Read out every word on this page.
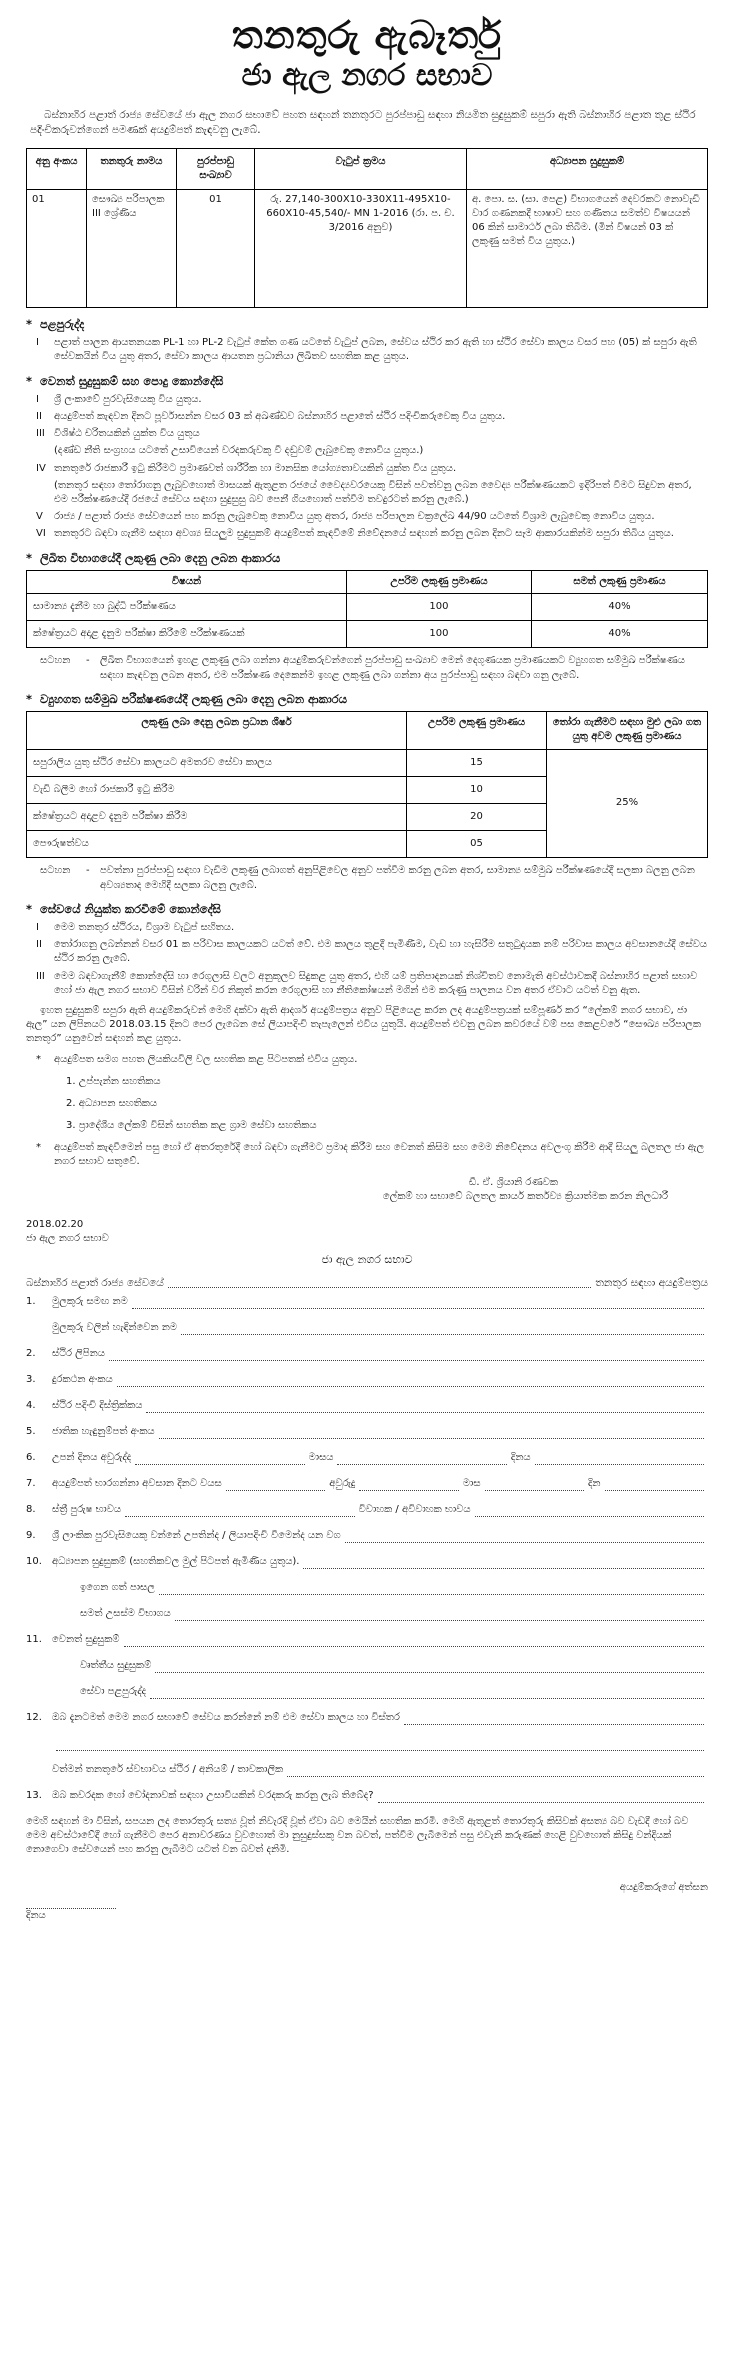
තනතුරු ඇබෑර්තු
ජා ඇල නගර සභාව

බස්නාහිර පළාත් රාජ්‍ය සේවයේ ජා ඇල නගර සභාවේ පහත සඳහන් තනතුරට පුරප්පාඩු සඳහා නියමිත සුදුසුකම් සපුරා ඇති බස්නාහිර පළාත තුළ ස්ථිර පදිංචිකරුවන්ගෙන් පමණක් අයදුම්පත් කැඳවනු ලැබේ.

අනු අංකය	තනතුරු නාමය	පුරප්පාඩු සංඛ්‍යාව	වැටුප් ක්‍රමය	අධ්‍යාපන සුදුසුකම්
01	සෞඛ්‍ය පරිපාලක III ශ්‍රේණිය	01	රු. 27,140-300X10-330X11-495X10-660X10-45,540/- MN 1-2016 (රා. ප. ච. 3/2016 අනුව)	අ. පො. ස. (සා. පෙළ) විභාගයෙන් දෙවරකට නොවැඩි වාර ගණනකදී භාෂාව සහ ගණිතය සමත්ව විෂයයන් 06 කින් සාමාර්ථ ලබා තිබීම. (මින් විෂයන් 03 ක් ලකුණු සමත් විය යුතුය.)
* පළපුරුද්ද
I	පළාත් පාලන ආයතනයක PL-1 හා PL-2 වැටුප් කේත ගණ යටතේ වැටුප් ලබන, සේවය ස්ථිර කර ඇති හා ස්ථිර සේවා කාලය වසර පහ (05) ක් සපුරා ඇති සේවකයින් විය යුතු අතර, සේවා කාලය ආයතන ප්‍රධානියා ලිඛිතව සහතික කළ යුතුය.
* වෙනත් සුදුසුකම් සහ පොදු කොන්දේසි
I	ශ්‍රී ලංකාවේ පුරවැසියෙකු විය යුතුය.
II	අයදුම්පත් කැඳවන දිනට පූර්වාසන්න වසර 03 ක් අඛණ්ඩව බස්නාහිර පළාතේ ස්ථිර පදිංචිකරුවෙකු විය යුතුය.
III විශිෂ්ඨ චරිතයකින් යුක්ත විය යුතුය
(දණ්ඩ නීති සංග්‍රහය යටතේ උසාවියෙන් වරදකරුවකු වී දඬුවම් ලැබුවෙකු නොවිය යුතුය.)
IV තනතුරේ රාජකාරී ඉටු කිරීමට ප්‍රමාණවත් ශාරීරික හා මානසික යෝග්‍යතාවයකින් යුක්ත විය යුතුය.
(තනතුර සඳහා තෝරාගනු ලැබුවහොත් මාසයක් ඇතුළත රජයේ වෛද්‍යවරයෙකු විසින් පවත්වනු ලබන වෛද්‍ය පරීක්ෂණයකට ඉදිරිපත් වීමට සිදුවන අතර, එම පරීක්ෂණයේදී රජයේ සේවය සඳහා සුදුසුසු බව පෙනී ගියහොත් පත්වීම තවදුරටත් කරනු ලැබේ.)
V	රාජ්‍ය / පළාත් රාජ්‍ය සේවයෙන් පහ කරනු ලැබුවෙකු නොවිය යුතු අතර, රාජ්‍ය පරිපාලන චක්‍රලේඛ 44/90 යටතේ විශ්‍රාම ලැබුවෙකු නොවිය යුතුය.
VI තනතුරට බඳවා ගැනීම සඳහා අවශ්‍ය සියලුම සුදුසුකම් අයදුම්පත් කැඳවීමේ නිවේදනයේ සඳහන් කරනු ලබන දිනට සෑම ආකාරයකින්ම සපුරා තිබිය යුතුය.
* ලිඛිත විභාගයේදී ලකුණු ලබා දෙනු ලබන ආකාරය
විෂයන්	උපරිම ලකුණු ප්‍රමාණය	සමත් ලකුණු ප්‍රමාණය
සාමාන්‍ය දැනීම හා බුද්ධි පරීක්ෂණය	100	40%
ක්ෂේත්‍රයට අදාළ දැනුම පරීක්ෂා කිරීමේ පරීක්ෂණයක්	100	40%
සටහන	-	ලිඛිත විභාගයෙන් ඉහළ ලකුණු ලබා ගන්නා අයදුම්කරුවන්ගෙන් පුරප්පාඩු සංඛ්‍යාව මෙන් දෙගුණයක ප්‍රමාණයකට ව්‍යුහගත සම්මුඛ පරීක්ෂණය සඳහා කැඳවනු ලබන අතර, එම පරීක්ෂණ දෙකෙන්ම ඉහළ ලකුණු ලබා ගන්නා අය පුරප්පාඩු සඳහා බඳවා ගනු ලැබේ.
* ව්‍යුහගත සම්මුඛ පරීක්ෂණයේදී ලකුණු ලබා දෙනු ලබන ආකාරය
ලකුණු ලබා දෙනු ලබන ප්‍රධාන ශීර්ෂ	උපරිම ලකුණු ප්‍රමාණය	තෝරා ගැනීමට සඳහා මුළු ලබා ගත යුතු අවම ලකුණු ප්‍රමාණය
සපුරාලිය යුතු ස්ථිර සේවා කාලයට අමතරව සේවා කාලය	15	25%
වැඩි බලීම හෝ රාජකාරී ඉටු කිරීම	10	
ක්ෂේත්‍රයට අදාළව දැනුම පරීක්ෂා කිරීම	20	
පෞරුෂත්වය	05	
සටහන	-	පවත්නා පුරප්පාඩු සඳහා වැඩිම ලකුණු ලබාගත් අනුපිළිවෙල අනුව පත්වීම කරනු ලබන අතර, සාමාන්‍ය සම්මුඛ පරීක්ෂණයේදී සලකා බලනු ලබන අවශ්‍යතාද මෙහිදී සලකා බලනු ලැබේ.
* සේවයේ නියුක්ත කරවීමේ කොන්දේසි
I	මෙම තනතුර ස්ථිරය, විශ්‍රාම වැටුප් සහිතය.
II	තෝරාගනු ලබන්නන් වසර 01 ක පරිවාස කාලයකට යටත් වේ. එම කාලය තුළදී පැමිණීම, වැඩ හා හැසිරීම සතුටුදායක නම් පරිවාස කාලය අවසානයේදී සේවය ස්ථිර කරනු ලැබේ.
III මෙම බඳවාගැනීම් කොන්දේසි හා රෙගුලාසි වලට අනුකූලව සිදුකළ යුතු අතර, එහි යම් ප්‍රතිපාදනයක් නිශ්චිතව නොමැති අවස්ථාවකදී බස්නාහිර පළාත් සභාව හෝ ජා ඇල නගර සභාව විසින් වරින් වර නිකුත් කරන රෙගුලාසි හා නීතිකෝෂයන් මගින් එම කරුණු පාලනය වන අතර ඒවාට යටත් වනු ඇත.

ඉහත සුදුසුකම් සපුරා ඇති අයදුම්කරුවන් මෙහි දක්වා ඇති ආදර්ශ අයදුම්පත්‍රය අනුව පිළියෙළ කරන ලද අයදුම්පත්‍රයක් සම්පූර්ණ කර “ලේකම් නගර සභාව, ජා ඇල” යන ලිපිනයට 2018.03.15 දිනට පෙර ලැබෙන සේ ලියාපදිංචි තැපැලෙන් එවිය යුතුයි. අයදුම්පත් එවනු ලබන කවරයේ වම් පස කෙළවරේ “සෞඛ්‍ය පරිපාලක තනතුර” යනුවෙන් සඳහන් කළ යුතුය.

*	අයදුම්පත සමග පහත ලියකියවිලි වල සහතික කළ පිටපතක් එවිය යුතුය.
1. උප්පැන්න සහතිකය
2. අධ්‍යාපන සහතිකය
3. ප්‍රාදේශීය ලේකම් විසින් සහතික කළ ග්‍රාම සේවා සහතිකය
*	අයදුම්පත් කැඳවීමෙන් පසු හෝ ඒ අතරතුරේදී හෝ බඳවා ගැනීමට ප්‍රමාද කිරීම සහ වෙනත් කිසිම සහ මෙම නිවේදනය අවලංගු කිරීම ආදී සියලු බලතල ජා ඇල නගර සභාව සතුවේ.
ඩී. ඒ. ශ්‍රියානි රණවක
ලේකම් හා සභාවේ බලතල කාර්ය කර්තව්‍ය ක්‍රියාත්මක කරන නිලධාරී
2018.02.20
ජා ඇල නගර සභාව
ජා ඇල නගර සභාව
බස්නාහිර පළාත් රාජ්‍ය සේවයේ	තනතුර සඳහා අයදුම්පත්‍රය
1.	මුලකුරු සමඟ නම
මුලකුරු වලින් හැඳින්වෙන නම
2.	ස්ථිර ලිපිනය
3.	දුරකථන අංකය
4.	ස්ථිර පදිංචි දිස්ත්‍රික්කය
5.	ජාතික හැඳුනුම්පත් අංකය
6.	උපන් දිනය අවුරුද්ද	මාසය	දිනය
7.	අයදුම්පත් භාරගන්නා අවසාන දිනට වයස	අවුරුදු	මාස	දින
8.	ස්ත්‍රී පුරුෂ භාවය	විවාහක / අවිවාහක භාවය
9.	ශ්‍රී ලාංකික පුරවැසියෙකු වන්නේ උපතින්ද / ලියාපදිංචි වීමෙන්ද යන වග
10.	අධ්‍යාපන සුදුසුකම් (සහතිකවල මුල් පිටපත් ඇමිණිය යුතුය).
ඉගෙන ගත් පාසල
සමත් උසස්ම විභාගය
11.	වෙනත් සුදුසුකම්
වෘත්තීය සුදුසුකම්
සේවා පළපුරුද්ද
12.	ඔබ දැනටමත් මෙම නගර සභාවේ සේවය කරන්නේ නම් එම සේවා කාලය හා විස්තර
වත්මන් තනතුරේ ස්වභාවය ස්ථිර / අනියම් / තාවකාලික
13.	ඔබ කවරදක හෝ චෝදනාවක් සඳහා උසාවියකින් වරදකරු කරනු ලැබ තිබේද?

මෙහි සඳහන් මා විසින්, සපයන ලද තොරතුරු සත්‍ය වූත් නිවැරදි වූත් ඒවා බව මෙයින් සහතික කරමි. මෙහි ඇතුළත් තොරතුරු කිසිවක් අසත්‍ය බව වැඩදී හෝ බව මෙම අවස්ථාවේදී හෝ ගැනීමට පෙර අනාවරණය වුවහොත් මා නුසුදුස්සකු වන බවත්, පත්වීම ලැබීමෙන් පසු එවැනි කරුණක් හෙළි වුවහොත් කිසිදු වන්දියක් නොගෙවා සේවයෙන් පහ කරනු ලැබීමට යටත් වන බවත් දනිමි.

අයදුම්කරුගේ අත්සන
දිනය
